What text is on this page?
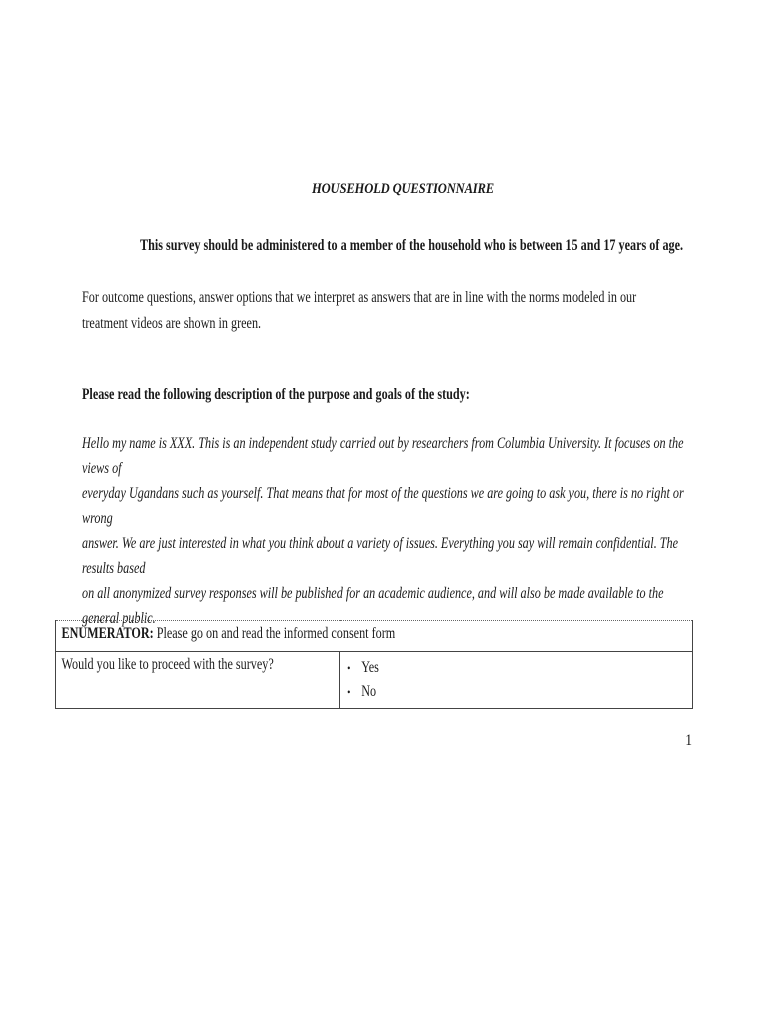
HOUSEHOLD QUESTIONNAIRE
This survey should be administered to a member of the household who is between 15 and 17 years of age.
For outcome questions, answer options that we interpret as answers that are in line with the norms modeled in our treatment videos are shown in green.
Please read the following description of the purpose and goals of the study:

Hello my name is XXX. This is an independent study carried out by researchers from Columbia University. It focuses on the views of

everyday Ugandans such as yourself. That means that for most of the questions we are going to ask you, there is no right or wrong

answer. We are just interested in what you think about a variety of issues. Everything you say will remain confidential. The results based

on all anonymized survey responses will be published for an academic audience, and will also be made available to the general public.

ENUMERATOR: Please go on and read the informed consent form

Would you like to proceed with the survey?	• Yes
• No
1
